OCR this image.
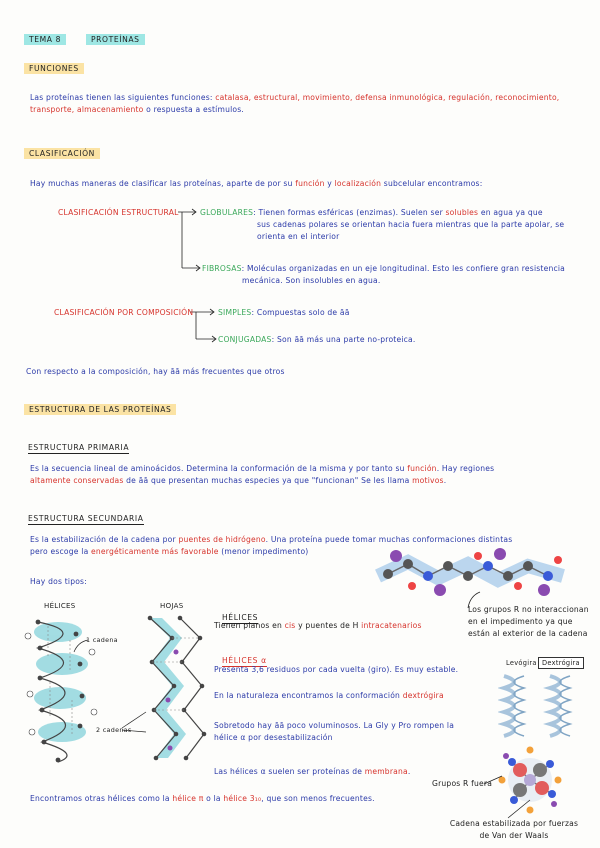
TEMA 8	PROTEÍNAS
FUNCIONES
Las proteínas tienen las siguientes funciones: catalasa, estructural, movimiento, defensa inmunológica, regulación, reconocimiento,
transporte, almacenamiento o respuesta a estímulos.
CLASIFICACIÓN
Hay muchas maneras de clasificar las proteínas, aparte de por su función y localización subcelular encontramos:
CLASIFICACIÓN ESTRUCTURAL	GLOBULARES: Tienen formas esféricas (enzimas). Suelen ser solubles en agua ya que
sus cadenas polares se orientan hacia fuera mientras que la parte apolar, se
orienta en el interior
FIBROSAS: Moléculas organizadas en un eje longitudinal. Esto les confiere gran resistencia
mecánica. Son insolubles en agua.
CLASIFICACIÓN POR COMPOSICIÓN	SIMPLES: Compuestas solo de āā
CONJUGADAS: Son āā más una parte no-proteica.
Con respecto a la composición, hay āā más frecuentes que otros
ESTRUCTURA DE LAS PROTEÍNAS
ESTRUCTURA PRIMARIA
Es la secuencia lineal de aminoácidos. Determina la conformación de la misma y por tanto su función. Hay regiones
altamente conservadas de āā que presentan muchas especies ya que "funcionan" Se les llama motivos.
ESTRUCTURA SECUNDARIA
Es la estabilización de la cadena por puentes de hidrógeno. Una proteína puede tomar muchas conformaciones distintas
pero escoge la energéticamente más favorable (menor impedimento)
Hay dos tipos:
Los grupos R no interaccionan
en el impedimento ya que
están al exterior de la cadena
HÉLICES	HOJAS
1 cadena
2 cadenas
HÉLICES
Tienen planos en cis y puentes de H intracatenarios
HÉLICES α
Presenta 3,6 residuos por cada vuelta (giro). Es muy estable.
En la naturaleza encontramos la conformación dextrógira
Sobretodo hay āā poco voluminosos. La Gly y Pro rompen la
hélice α por desestabilización
Las hélices α suelen ser proteínas de membrana.
Levógira Dextrógira
Grupos R fuera
Cadena estabilizada por fuerzas
de Van der Waals
Encontramos otras hélices como la hélice π o la hélice 3₁₀, que son menos frecuentes.
